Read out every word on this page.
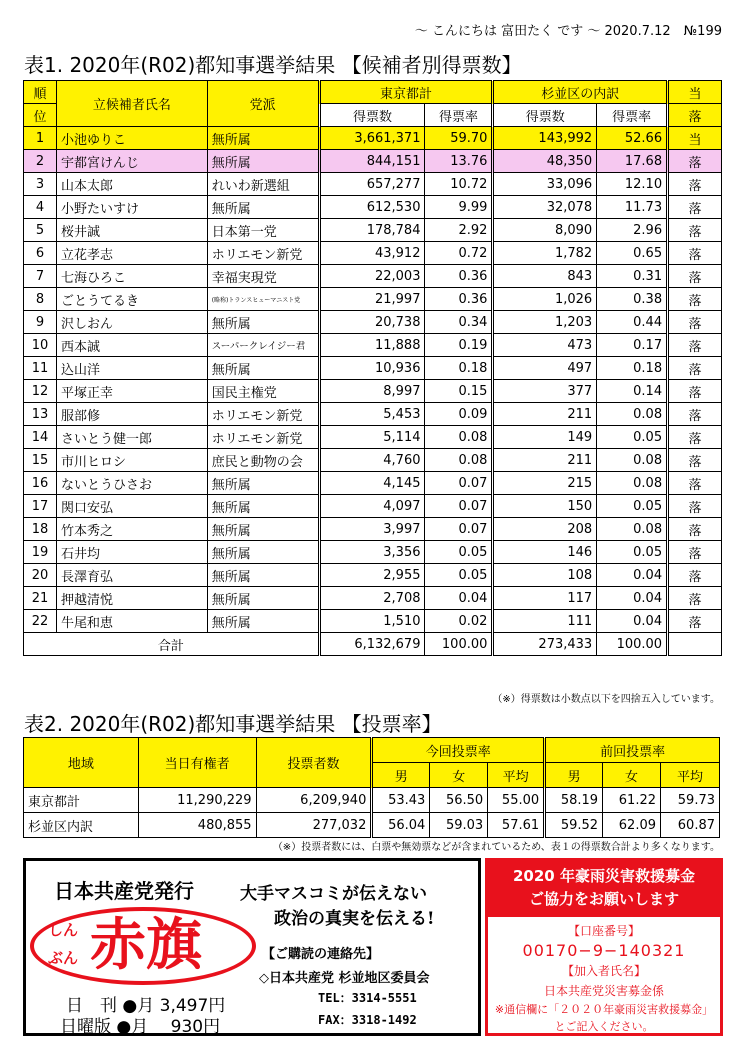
～ こんにちは 富田たく です ～ 2020.7.12　№199
表1. 2020年(R02)都知事選挙結果 【候補者別得票数】
順	立候補者氏名	党派	東京都計		杉並区の内訳		当
位			得票数	得票率	得票数	得票率	落
1	小池ゆりこ	無所属	3,661,371	59.70	143,992	52.66	当
2	宇都宮けんじ	無所属	844,151	13.76	48,350	17.68	落
3	山本太郎	れいわ新選組	657,277	10.72	33,096	12.10	落
4	小野たいすけ	無所属	612,530	9.99	32,078	11.73	落
5	桜井誠	日本第一党	178,784	2.92	8,090	2.96	落
6	立花孝志	ホリエモン新党	43,912	0.72	1,782	0.65	落
7	七海ひろこ	幸福実現党	22,003	0.36	843	0.31	落
8	ごとうてるき	(略称)トランスヒューマニスト党	21,997	0.36	1,026	0.38	落
9	沢しおん	無所属	20,738	0.34	1,203	0.44	落
10	西本誠	スーパークレイジー君	11,888	0.19	473	0.17	落
11	込山洋	無所属	10,936	0.18	497	0.18	落
12	平塚正幸	国民主権党	8,997	0.15	377	0.14	落
13	服部修	ホリエモン新党	5,453	0.09	211	0.08	落
14	さいとう健一郎	ホリエモン新党	5,114	0.08	149	0.05	落
15	市川ヒロシ	庶民と動物の会	4,760	0.08	211	0.08	落
16	ないとうひさお	無所属	4,145	0.07	215	0.08	落
17	関口安弘	無所属	4,097	0.07	150	0.05	落
18	竹本秀之	無所属	3,997	0.07	208	0.08	落
19	石井均	無所属	3,356	0.05	146	0.05	落
20	長澤育弘	無所属	2,955	0.05	108	0.04	落
21	押越清悦	無所属	2,708	0.04	117	0.04	落
22	牛尾和恵	無所属	1,510	0.02	111	0.04	落
合計			6,132,679	100.00	273,433	100.00	
（※）得票数は小数点以下を四捨五入しています。
表2. 2020年(R02)都知事選挙結果 【投票率】
地域	当日有権者	投票者数	今回投票率			前回投票率		
			男	女	平均	男	女	平均
東京都計	11,290,229	6,209,940	53.43	56.50	55.00	58.19	61.22	59.73
杉並区内訳	480,855	277,032	56.04	59.03	57.61	59.52	62.09	60.87
（※）投票者数には、白票や無効票などが含まれているため、表１の得票数合計より多くなります。
日本共産党発行	大手マスコミが伝えない
政治の真実を伝える!
しん
ぶん 赤旗	【ご購読の連絡先】
◇日本共産党 杉並地区委員会
TEL：3314-5551
FAX：3318-1492
日　刊 ●月 3,497円
日曜版 ●月　 930円
2020 年豪雨災害救援募金
ご協力をお願いします
【口座番号】
00170−9−140321
【加入者氏名】
日本共産党災害募金係
※通信欄に「２０２０年豪雨災害救援募金」とご記入ください。
